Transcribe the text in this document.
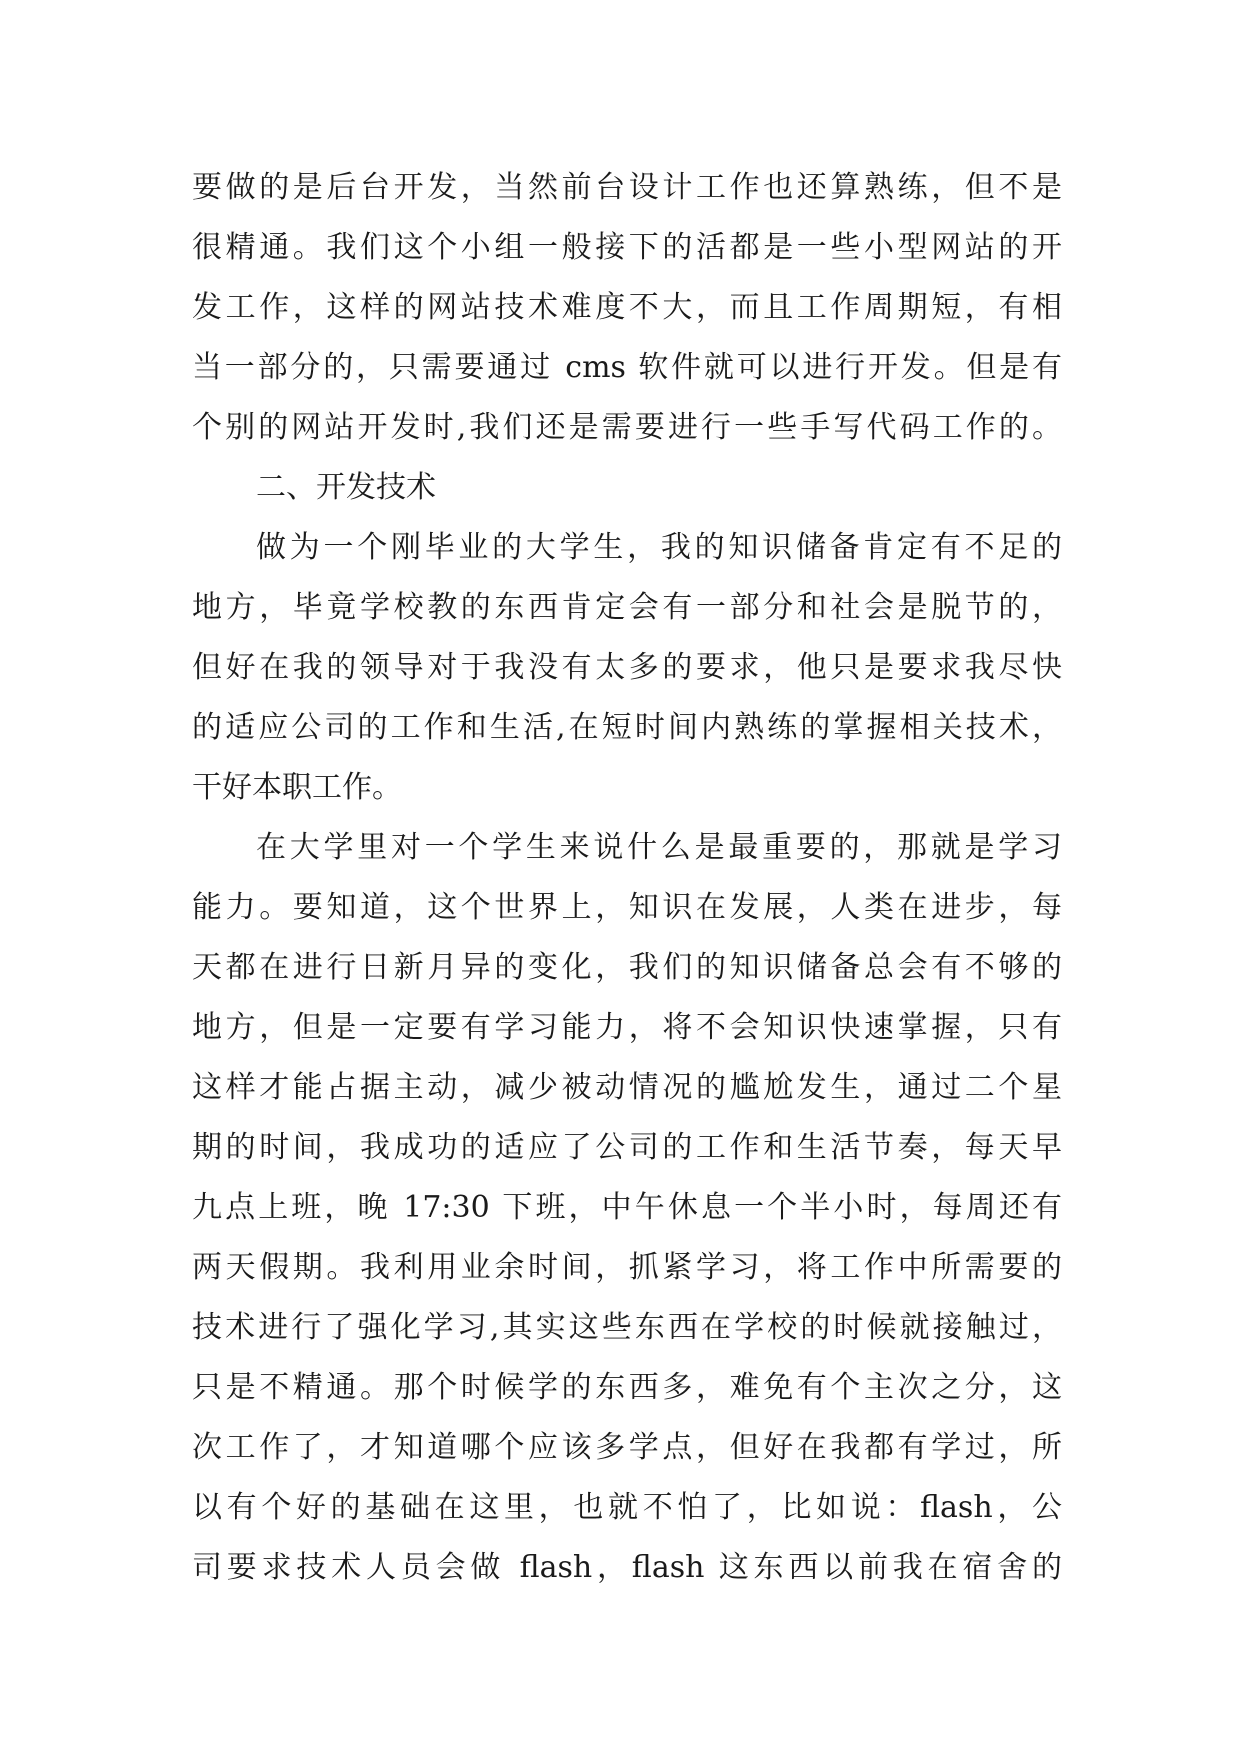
要做的是后台开发，当然前台设计工作也还算熟练，但不是
很精通。我们这个小组一般接下的活都是一些小型网站的开
发工作，这样的网站技术难度不大，而且工作周期短，有相
当一部分的，只需要通过 cms 软件就可以进行开发。但是有
个别的网站开发时,我们还是需要进行一些手写代码工作的。
二、开发技术
做为一个刚毕业的大学生，我的知识储备肯定有不足的
地方，毕竟学校教的东西肯定会有一部分和社会是脱节的，
但好在我的领导对于我没有太多的要求，他只是要求我尽快
的适应公司的工作和生活,在短时间内熟练的掌握相关技术，
干好本职工作。
在大学里对一个学生来说什么是最重要的，那就是学习
能力。要知道，这个世界上，知识在发展，人类在进步，每
天都在进行日新月异的变化，我们的知识储备总会有不够的
地方，但是一定要有学习能力，将不会知识快速掌握，只有
这样才能占据主动，减少被动情况的尴尬发生，通过二个星
期的时间，我成功的适应了公司的工作和生活节奏，每天早
九点上班，晚 17:30 下班，中午休息一个半小时，每周还有
两天假期。我利用业余时间，抓紧学习，将工作中所需要的
技术进行了强化学习,其实这些东西在学校的时候就接触过，
只是不精通。那个时候学的东西多，难免有个主次之分，这
次工作了，才知道哪个应该多学点，但好在我都有学过，所
以有个好的基础在这里，也就不怕了，比如说：flash，公
司要求技术人员会做 flash，flash 这东西以前我在宿舍的
